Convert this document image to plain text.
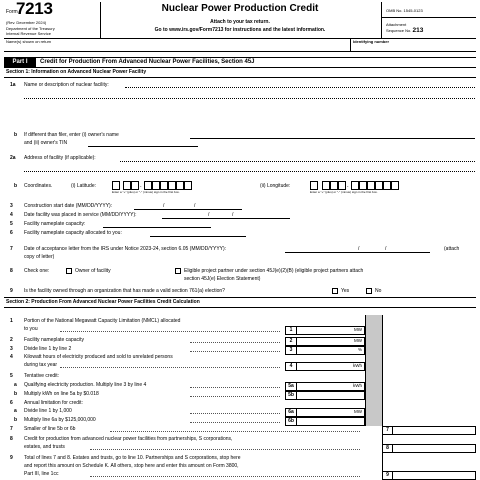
Form
7213
(Rev. December 2024)
Department of the Treasury
Internal Revenue Service
Nuclear Power Production Credit
Attach to your tax return.
Go to www.irs.gov/Form7213 for instructions and the latest information.
OMB No. 1545-0123
Attachment
Sequence No. 213
Name(s) shown on return	Identifying number
Part I	Credit for Production From Advanced Nuclear Power Facilities, Section 45J
Section 1: Information on Advanced Nuclear Power Facility
1a Name or description of nuclear facility:
b If different than filer, enter (i) owner's name
and (ii) owner's TIN
2a Address of facility (if applicable):
b Coordinates.	(i) Latitude:	.
Enter a "+" (plus) or "-" (minus) sign in the first box.
(ii) Longitude:	.
Enter a "+" (plus) or "-" (minus) sign in the first box.
3 Construction start date (MM/DD/YYYY):	/	/
4 Date facility was placed in service (MM/DD/YYYY):	/	/
5 Facility nameplate capacity:
6 Facility nameplate capacity allocated to you:
7 Date of acceptance letter from the IRS under Notice 2023-24, section 6.05 (MM/DD/YYYY):	/	/	(attach
copy of letter)
8 Check one:	Owner of facility	Eligible project partner under section 45J(e)(2)(B) (eligible project partners attach
section 45J(e) Election Statement)
9 Is the facility owned through an organization that has made a valid section 761(a) election?	Yes	No
Section 2: Production From Advanced Nuclear Power Facilities Credit Calculation
1 Portion of the National Megawatt Capacity Limitation (NMCL) allocated
to you	1	MW
2 Facility nameplate capacity	2	MW
3 Divide line 1 by line 2	3	%
4 Kilowatt hours of electricity produced and sold to unrelated persons
during tax year	4	kWh
5 Tentative credit:
a Qualifying electricity production. Multiply line 3 by line 4	5a	kWh
b Multiply kWh on line 5a by $0.018	5b
6 Annual limitation for credit:
a Divide line 1 by 1,000	6a	MW
b Multiply line 6a by $125,000,000	6b
7 Smaller of line 5b or 6b	7
8 Credit for production from advanced nuclear power facilities from partnerships, S corporations,
estates, and trusts	8
9 Total of lines 7 and 8. Estates and trusts, go to line 10. Partnerships and S corporations, stop here
and report this amount on Schedule K. All others, stop here and enter this amount on Form 3800,
Part III, line 1cc	9
